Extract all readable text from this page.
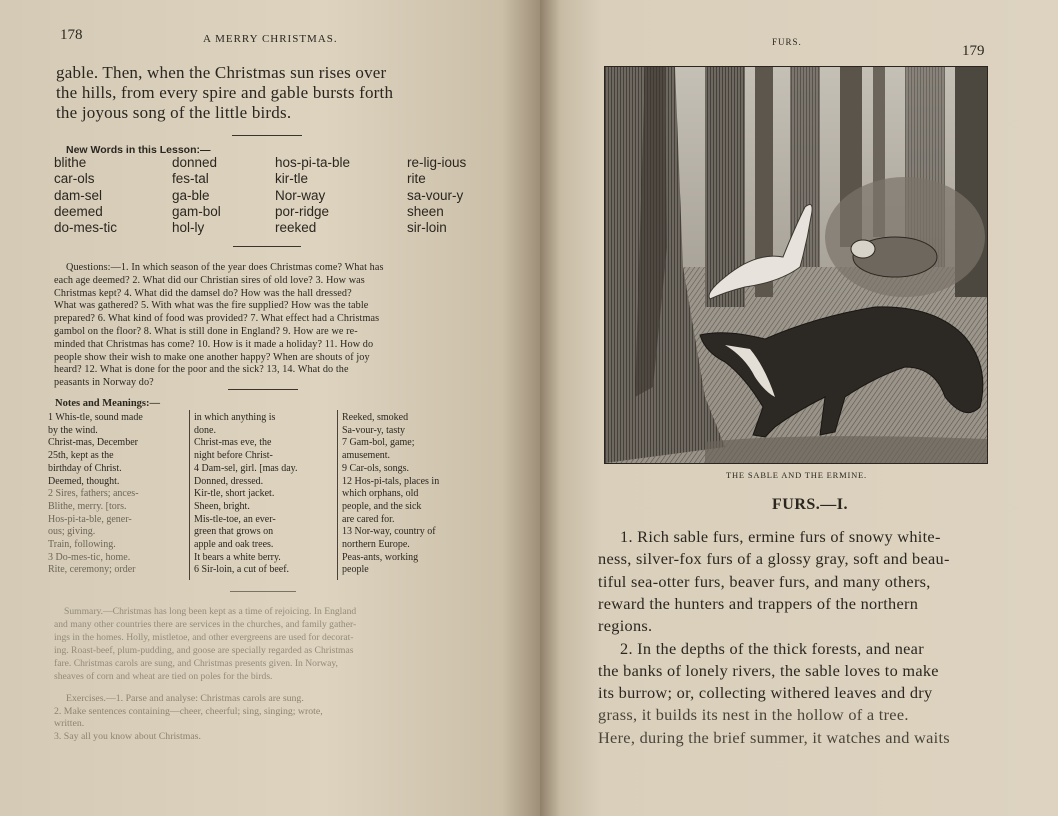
178	A MERRY CHRISTMAS.
gable. Then, when the Christmas sun rises over
the hills, from every spire and gable bursts forth
the joyous song of the little birds.
New Words in this Lesson:—
blithe
car-ols
dam-sel
deemed
do-mes-tic
donned
fes-tal
ga-ble
gam-bol
hol-ly
hos-pi-ta-ble
kir-tle
Nor-way
por-ridge
reeked
re-lig-ious
rite
sa-vour-y
sheen
sir-loin
Questions:—1. In which season of the year does Christmas come? What has
each age deemed? 2. What did our Christian sires of old love? 3. How was
Christmas kept? 4. What did the damsel do? How was the hall dressed?
What was gathered? 5. With what was the fire supplied? How was the table
prepared? 6. What kind of food was provided? 7. What effect had a Christmas
gambol on the floor? 8. What is still done in England? 9. How are we re-
minded that Christmas has come? 10. How is it made a holiday? 11. How do
people show their wish to make one another happy? When are shouts of joy
heard? 12. What is done for the poor and the sick? 13, 14. What do the
peasants in Norway do?
Notes and Meanings:—
1 Whis-tle, sound made
by the wind.
Christ-mas, December
25th, kept as the
birthday of Christ.
Deemed, thought.
2 Sires, fathers; ances-
Blithe, merry. [tors.
Hos-pi-ta-ble, gener-
ous; giving.
Train, following.
3 Do-mes-tic, home.
Rite, ceremony; order
in which anything is
done.
Christ-mas eve, the
night before Christ-
4 Dam-sel, girl. [mas day.
Donned, dressed.
Kir-tle, short jacket.
Sheen, bright.
Mis-tle-toe, an ever-
green that grows on
apple and oak trees.
It bears a white berry.
6 Sir-loin, a cut of beef.
Reeked, smoked
Sa-vour-y, tasty
7 Gam-bol, game;
amusement.
9 Car-ols, songs.
12 Hos-pi-tals, places in
which orphans, old
people, and the sick
are cared for.
13 Nor-way, country of
northern Europe.
Peas-ants, working
people
Summary.—Christmas has long been kept as a time of rejoicing. In England
and many other countries there are services in the churches, and family gather-
ings in the homes. Holly, mistletoe, and other evergreens are used for decorat-
ing. Roast-beef, plum-pudding, and goose are specially regarded as Christmas
fare. Christmas carols are sung, and Christmas presents given. In Norway,
sheaves of corn and wheat are tied on poles for the birds.
Exercises.—1. Parse and analyse: Christmas carols are sung.
2. Make sentences containing—cheer, cheerful; sing, singing; wrote,
written.
3. Say all you know about Christmas.
FURS.
179
THE SABLE AND THE ERMINE.
FURS.—I.
1. Rich sable furs, ermine furs of snowy white-
ness, silver-fox furs of a glossy gray, soft and beau-
tiful sea-otter furs, beaver furs, and many others,
reward the hunters and trappers of the northern
regions.
2. In the depths of the thick forests, and near
the banks of lonely rivers, the sable loves to make
its burrow; or, collecting withered leaves and dry
grass, it builds its nest in the hollow of a tree.
Here, during the brief summer, it watches and waits
